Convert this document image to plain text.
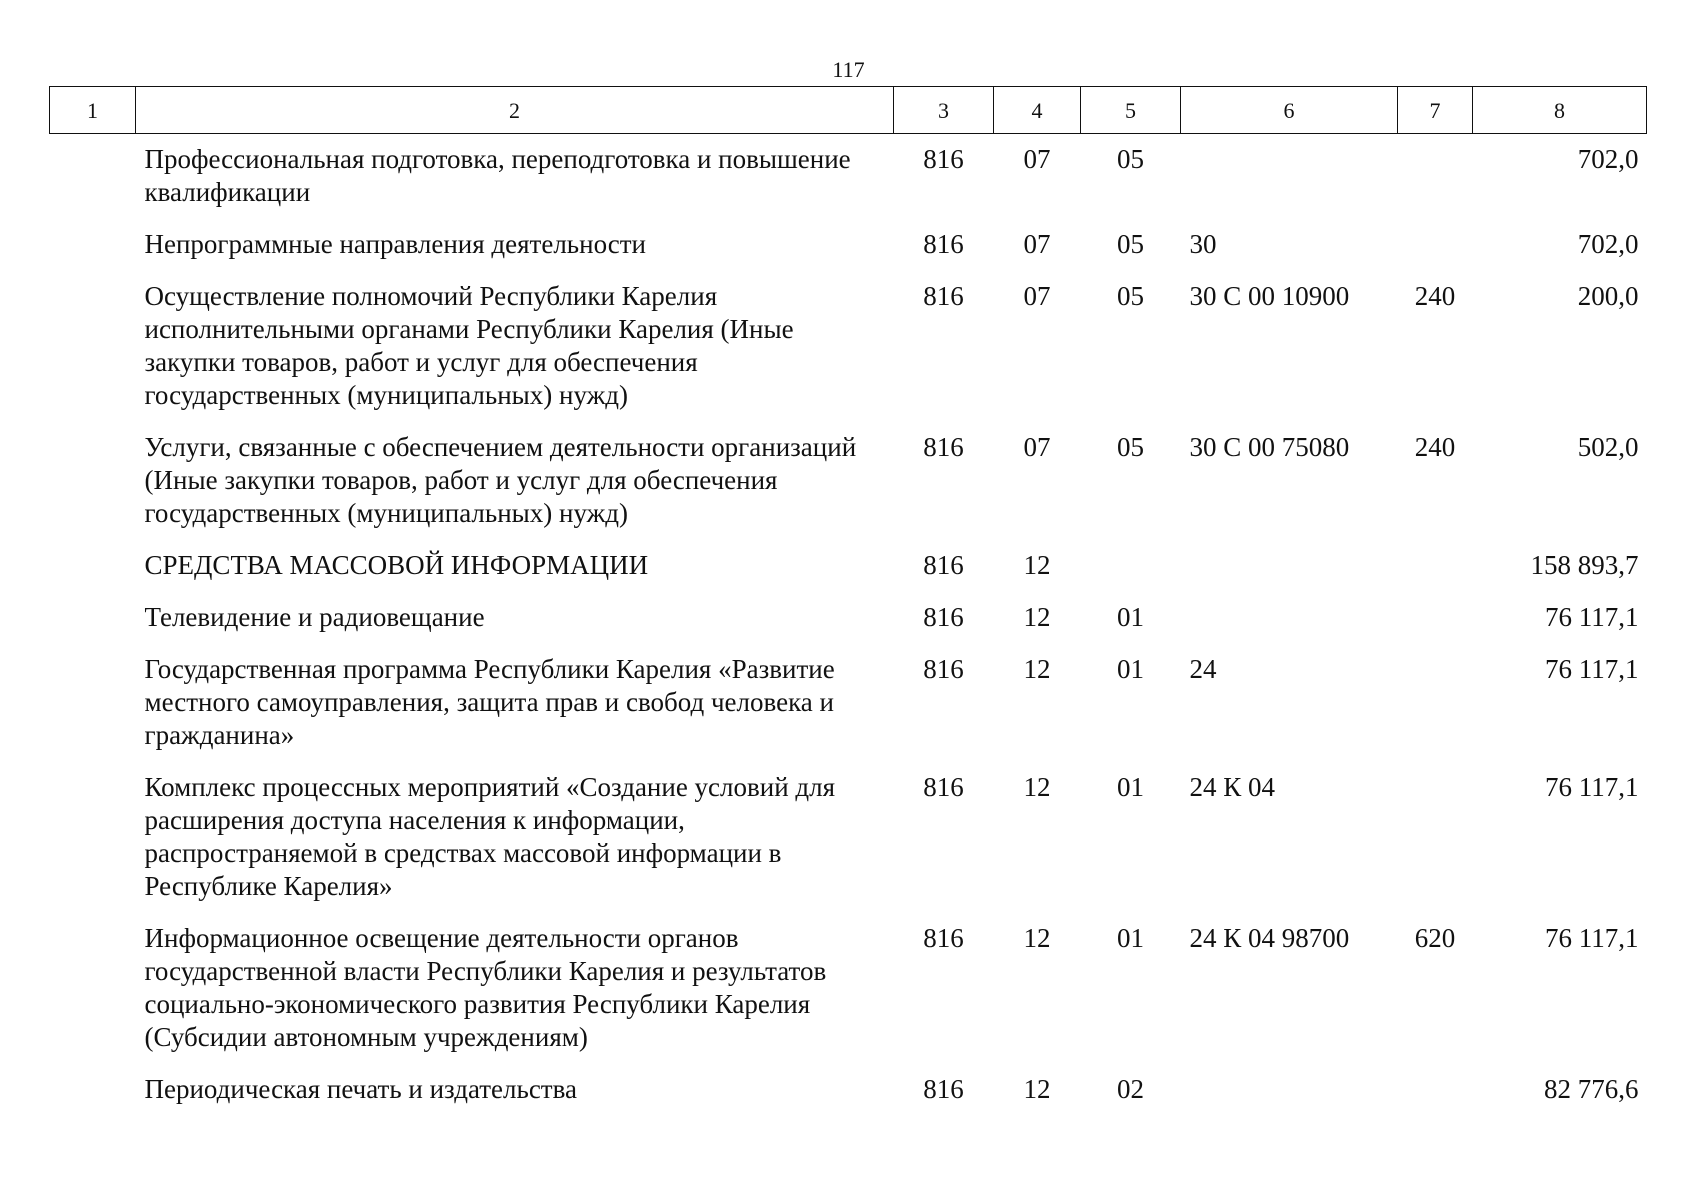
117
1	2	3	4	5	6	7	8
	Профессиональная подготовка, переподготовка и повышение квалификации	816	07	05			702,0
	Непрограммные направления деятельности	816	07	05	30		702,0
	Осуществление полномочий Республики Карелия исполнительными органами Республики Карелия (Иные закупки товаров, работ и услуг для обеспечения государственных (муниципальных) нужд)	816	07	05	30 С 00 10900	240	200,0
	Услуги, связанные с обеспечением деятельности организаций (Иные закупки товаров, работ и услуг для обеспечения государственных (муниципальных) нужд)	816	07	05	30 С 00 75080	240	502,0
	СРЕДСТВА МАССОВОЙ ИНФОРМАЦИИ	816	12				158 893,7
	Телевидение и радиовещание	816	12	01			76 117,1
	Государственная программа Республики Карелия «Развитие местного самоуправления, защита прав и свобод человека и гражданина»	816	12	01	24		76 117,1
	Комплекс процессных мероприятий «Создание условий для расширения доступа населения к информации, распространяемой в средствах массовой информации в Республике Карелия»	816	12	01	24 К 04		76 117,1
	Информационное освещение деятельности органов государственной власти Республики Карелия и результатов социально-экономического развития Республики Карелия (Субсидии автономным учреждениям)	816	12	01	24 К 04 98700	620	76 117,1
	Периодическая печать и издательства	816	12	02			82 776,6
